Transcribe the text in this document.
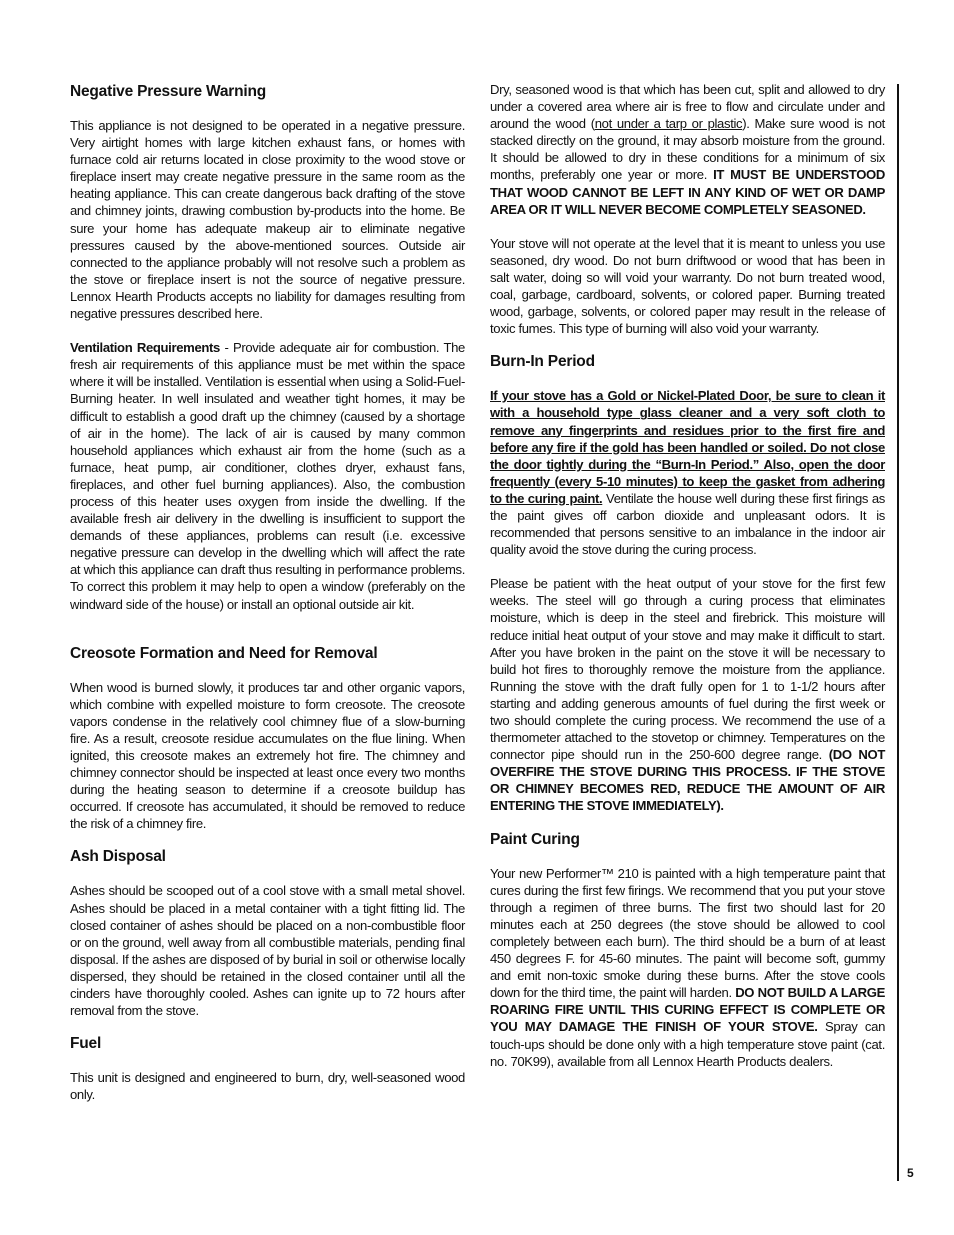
Negative Pressure Warning

This appliance is not designed to be operated in a negative pressure. Very airtight homes with large kitchen exhaust fans, or homes with furnace cold air returns located in close proximity to the wood stove or fireplace insert may create negative pressure in the same room as the heating appliance. This can create dangerous back drafting of the stove and chimney joints, drawing combustion by-products into the home. Be sure your home has adequate makeup air to eliminate negative pressures caused by the above-mentioned sources. Outside air connected to the appliance probably will not resolve such a problem as the stove or fireplace insert is not the source of negative pressure. Lennox Hearth Products accepts no liability for damages resulting from negative pressures described here.

Ventilation Requirements - Provide adequate air for combustion. The fresh air requirements of this appliance must be met within the space where it will be installed. Ventilation is essential when using a Solid-Fuel-Burning heater. In well insulated and weather tight homes, it may be difficult to establish a good draft up the chimney (caused by a shortage of air in the home). The lack of air is caused by many common household appliances which exhaust air from the home (such as a furnace, heat pump, air conditioner, clothes dryer, exhaust fans, fireplaces, and other fuel burning appliances). Also, the combustion process of this heater uses oxygen from inside the dwelling. If the available fresh air delivery in the dwelling is insufficient to support the demands of these appliances, problems can result (i.e. excessive negative pressure can develop in the dwelling which will affect the rate at which this appliance can draft thus resulting in performance problems. To correct this problem it may help to open a window (preferably on the windward side of the house) or install an optional outside air kit.

Creosote Formation and Need for Removal

When wood is burned slowly, it produces tar and other organic vapors, which combine with expelled moisture to form creosote. The creosote vapors condense in the relatively cool chimney flue of a slow-burning fire. As a result, creosote residue accumulates on the flue lining. When ignited, this creosote makes an extremely hot fire. The chimney and chimney connector should be inspected at least once every two months during the heating season to determine if a creosote buildup has occurred. If creosote has accumulated, it should be removed to reduce the risk of a chimney fire.

Ash Disposal

Ashes should be scooped out of a cool stove with a small metal shovel. Ashes should be placed in a metal container with a tight fitting lid. The closed container of ashes should be placed on a non-combustible floor or on the ground, well away from all combustible materials, pending final disposal. If the ashes are disposed of by burial in soil or otherwise locally dispersed, they should be retained in the closed container until all the cinders have thoroughly cooled. Ashes can ignite up to 72 hours after removal from the stove.

Fuel

This unit is designed and engineered to burn, dry, well-seasoned wood only.

Dry, seasoned wood is that which has been cut, split and allowed to dry under a covered area where air is free to flow and circulate under and around the wood (not under a tarp or plastic). Make sure wood is not stacked directly on the ground, it may absorb moisture from the ground. It should be allowed to dry in these conditions for a minimum of six months, preferably one year or more. IT MUST BE UNDERSTOOD THAT WOOD CANNOT BE LEFT IN ANY KIND OF WET OR DAMP AREA OR IT WILL NEVER BECOME COMPLETELY SEASONED.

Your stove will not operate at the level that it is meant to unless you use seasoned, dry wood. Do not burn driftwood or wood that has been in salt water, doing so will void your warranty. Do not burn treated wood, coal, garbage, cardboard, solvents, or colored paper. Burning treated wood, garbage, solvents, or colored paper may result in the release of toxic fumes. This type of burning will also void your warranty.

Burn-In Period

If your stove has a Gold or Nickel-Plated Door, be sure to clean it with a household type glass cleaner and a very soft cloth to remove any fingerprints and residues prior to the first fire and before any fire if the gold has been handled or soiled. Do not close the door tightly during the “Burn-In Period.” Also, open the door frequently (every 5-10 minutes) to keep the gasket from adhering to the curing paint. Ventilate the house well during these first firings as the paint gives off carbon dioxide and unpleasant odors. It is recommended that persons sensitive to an imbalance in the indoor air quality avoid the stove during the curing process.

Please be patient with the heat output of your stove for the first few weeks. The steel will go through a curing process that eliminates moisture, which is deep in the steel and firebrick. This moisture will reduce initial heat output of your stove and may make it difficult to start. After you have broken in the paint on the stove it will be necessary to build hot fires to thoroughly remove the moisture from the appliance. Running the stove with the draft fully open for 1 to 1-1/2 hours after starting and adding generous amounts of fuel during the first week or two should complete the curing process. We recommend the use of a thermometer attached to the stovetop or chimney. Temperatures on the connector pipe should run in the 250-600 degree range. (DO NOT OVERFIRE THE STOVE DURING THIS PROCESS. IF THE STOVE OR CHIMNEY BECOMES RED, REDUCE THE AMOUNT OF AIR ENTERING THE STOVE IMMEDIATELY).

Paint Curing

Your new Performer™ 210 is painted with a high temperature paint that cures during the first few firings. We recommend that you put your stove through a regimen of three burns. The first two should last for 20 minutes each at 250 degrees (the stove should be allowed to cool completely between each burn). The third should be a burn of at least 450 degrees F. for 45-60 minutes. The paint will become soft, gummy and emit non-toxic smoke during these burns. After the stove cools down for the third time, the paint will harden. DO NOT BUILD A LARGE ROARING FIRE UNTIL THIS CURING EFFECT IS COMPLETE OR YOU MAY DAMAGE THE FINISH OF YOUR STOVE. Spray can touch-ups should be done only with a high temperature stove paint (cat. no. 70K99), available from all Lennox Hearth Products dealers.

5
